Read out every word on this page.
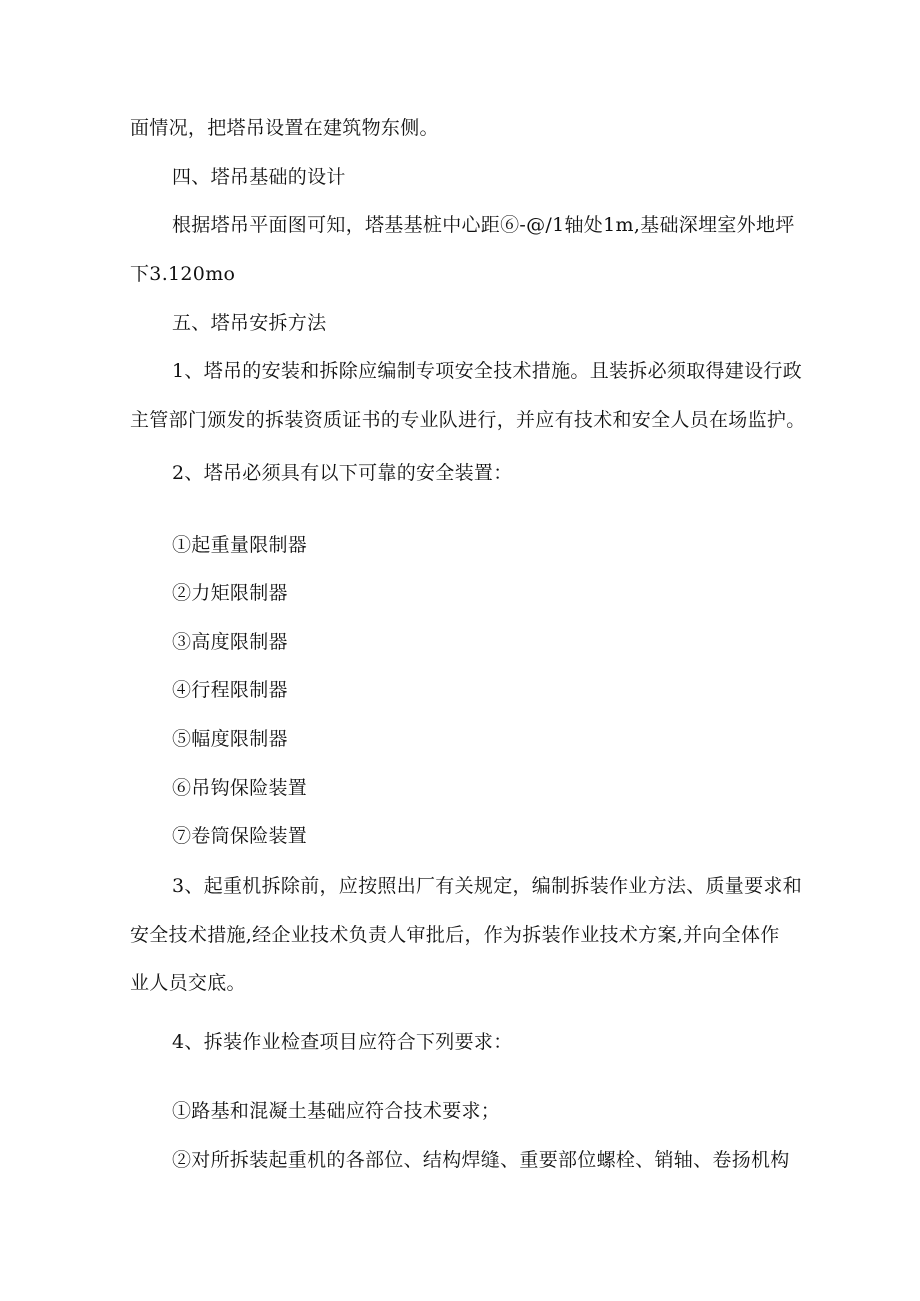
面情况，把塔吊设置在建筑物东侧。

四、塔吊基础的设计

根据塔吊平面图可知，塔基基桩中心距⑥-@/1轴处1m,基础深埋室外地坪

下3.120mo

五、塔吊安拆方法

1、塔吊的安装和拆除应编制专项安全技术措施。且装拆必须取得建设行政

主管部门颁发的拆装资质证书的专业队进行，并应有技术和安全人员在场监护。

2、塔吊必须具有以下可靠的安全装置：

①起重量限制器

②力矩限制器

③高度限制器

④行程限制器

⑤幅度限制器

⑥吊钩保险装置

⑦卷筒保险装置

3、起重机拆除前，应按照出厂有关规定，编制拆装作业方法、质量要求和

安全技术措施,经企业技术负责人审批后，作为拆装作业技术方案,并向全体作

业人员交底。

4、拆装作业检查项目应符合下列要求：

①路基和混凝土基础应符合技术要求；

②对所拆装起重机的各部位、结构焊缝、重要部位螺栓、销轴、卷扬机构
